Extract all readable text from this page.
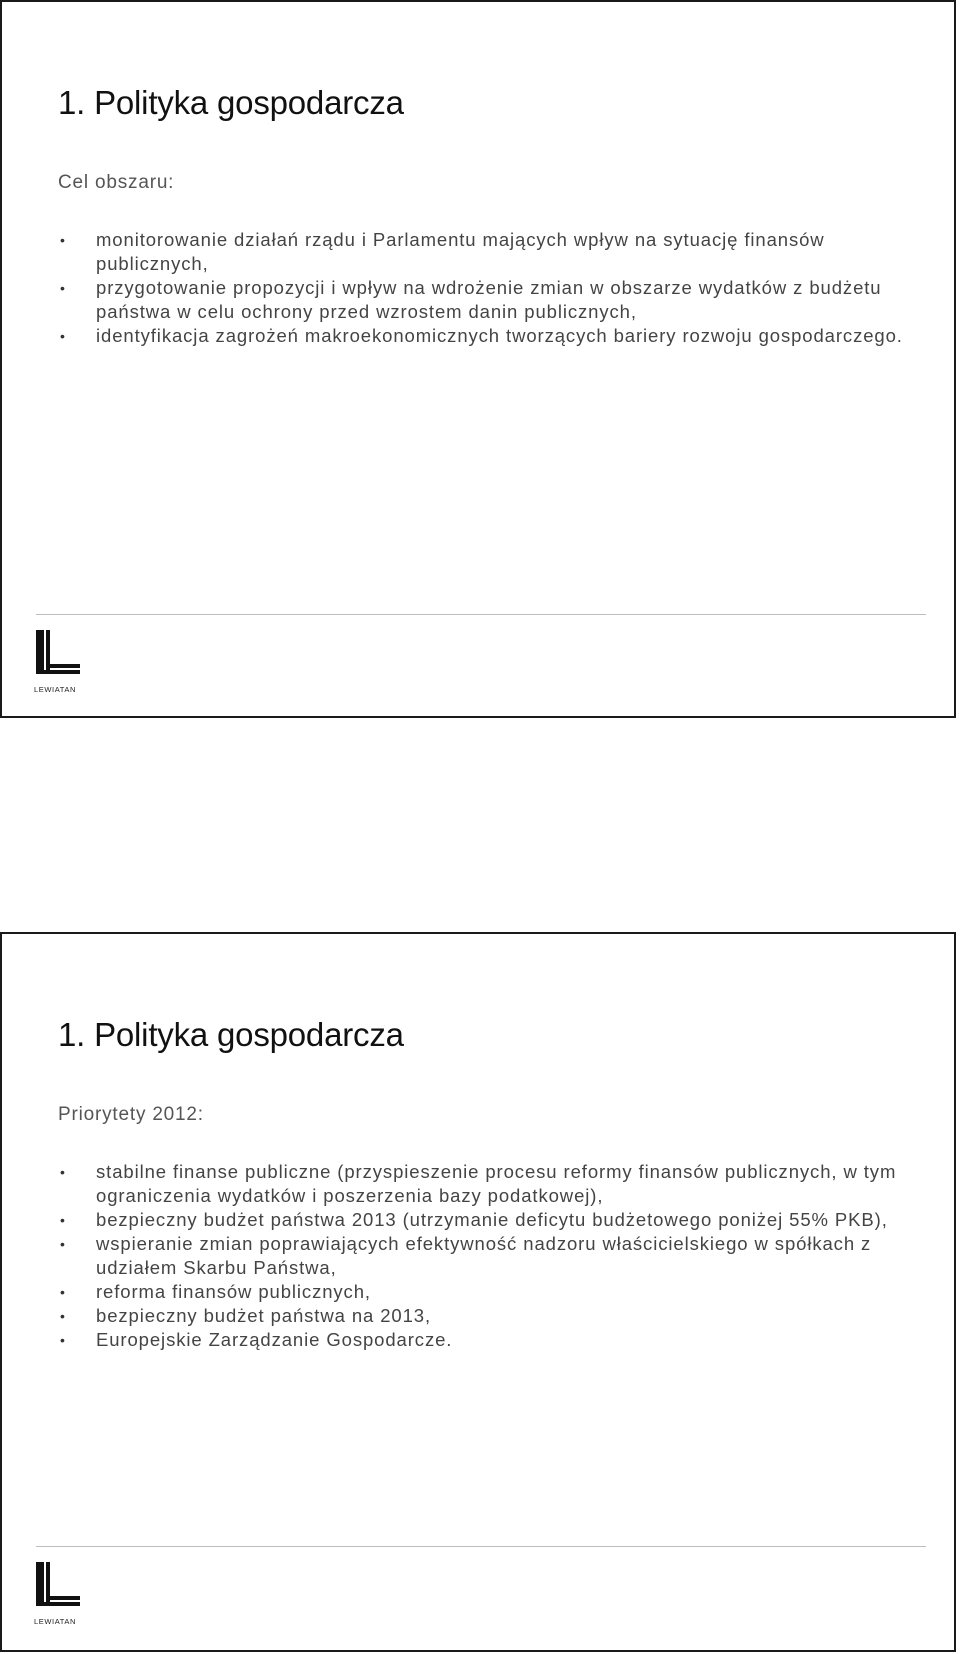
1. Polityka gospodarcza

Cel obszaru:

• monitorowanie działań rządu i Parlamentu mających wpływ na sytuację finansów publicznych,
• przygotowanie propozycji i wpływ na wdrożenie zmian w obszarze wydatków z budżetu państwa w celu ochrony przed wzrostem danin publicznych,
• identyfikacja zagrożeń makroekonomicznych tworzących bariery rozwoju gospodarczego.
LEWIATAN
1. Polityka gospodarcza

Priorytety 2012:

• stabilne finanse publiczne (przyspieszenie procesu reformy finansów publicznych, w tym ograniczenia wydatków i poszerzenia bazy podatkowej),
• bezpieczny budżet państwa 2013 (utrzymanie deficytu budżetowego poniżej 55% PKB),
• wspieranie zmian poprawiających efektywność nadzoru właścicielskiego w spółkach z udziałem Skarbu Państwa,
• reforma finansów publicznych,
• bezpieczny budżet państwa na 2013,
• Europejskie Zarządzanie Gospodarcze.
LEWIATAN
